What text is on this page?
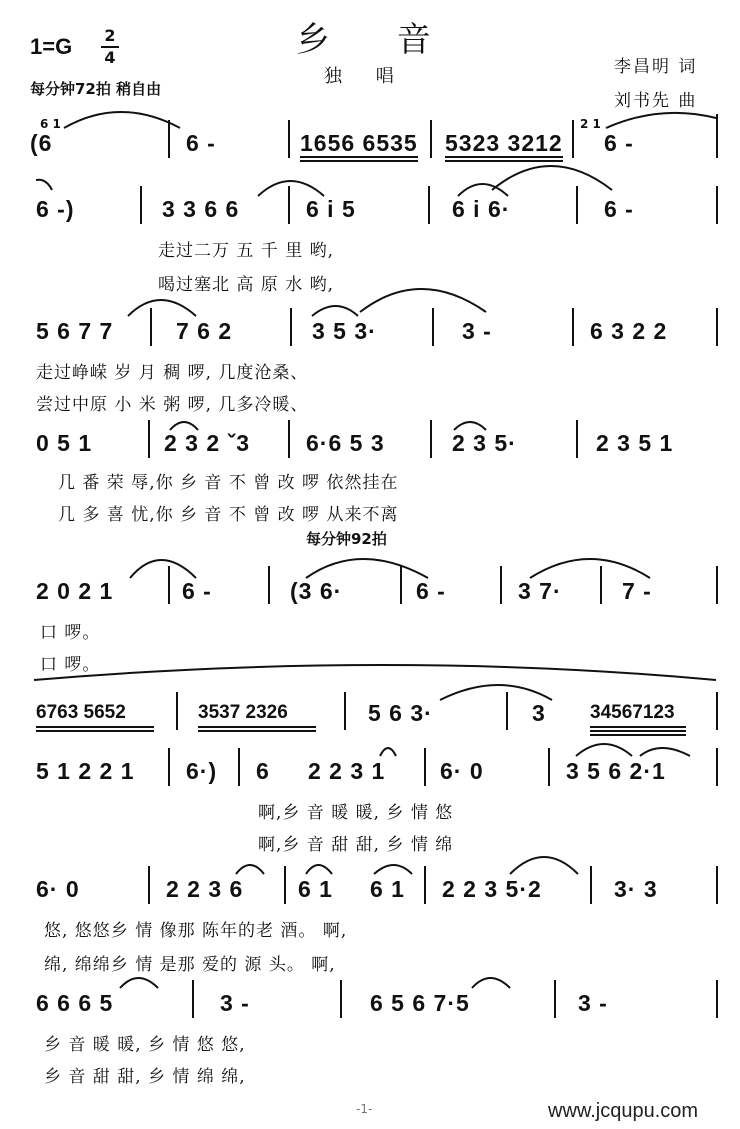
1=G 2
4	乡 音
独 唱
每分钟72拍 稍自由
李昌明 词
刘书先 曲
6 1
(6	6 -	1656 6535 5323 3212
2 1
6 -
6 -)	3 3 6 6	6 i 5	6 i 6·	6 -
走过二万 五 千 里 哟,
喝过塞北 高 原 水 哟,
5 6 7 7	7 6 2	3 5 3·	3 -	6 3 2 2
走过峥嵘 岁 月 稠 啰, 几度沧桑、
尝过中原 小 米 粥 啰, 几多冷暖、
0 5 1	2 3 2 ˇ3 6·6 5 3	2 3 5·	2 3 5 1
几 番 荣 辱,你 乡 音 不 曾 改 啰 依然挂在
几 多 喜 忧,你 乡 音 不 曾 改 啰 从来不离
每分钟92拍
2 0 2 1	6 -	(3 6·	6 -	3 7·	7 -
口 啰。
口 啰。
6763 5652	3537 2326	5 6 3·	3 34567123
5 1 2 2 1 6·) 6 2 2 3 1 6· 0	3 5 6 2·1
啊,乡 音 暖 暖, 乡 情 悠
啊,乡 音 甜 甜, 乡 情 绵
6· 0	2 2 3 6 6 1 6 1 2 2 3 5·2	3· 3
悠, 悠悠乡 情 像那 陈年的老 酒。 啊,
绵, 绵绵乡 情 是那 爱的 源 头。 啊,
6 6 6 5	3 -	6 5 6 7·5	3 -
乡 音 暖 暖, 乡 情 悠 悠,
乡 音 甜 甜, 乡 情 绵 绵,
-1-	www.jcqupu.com
